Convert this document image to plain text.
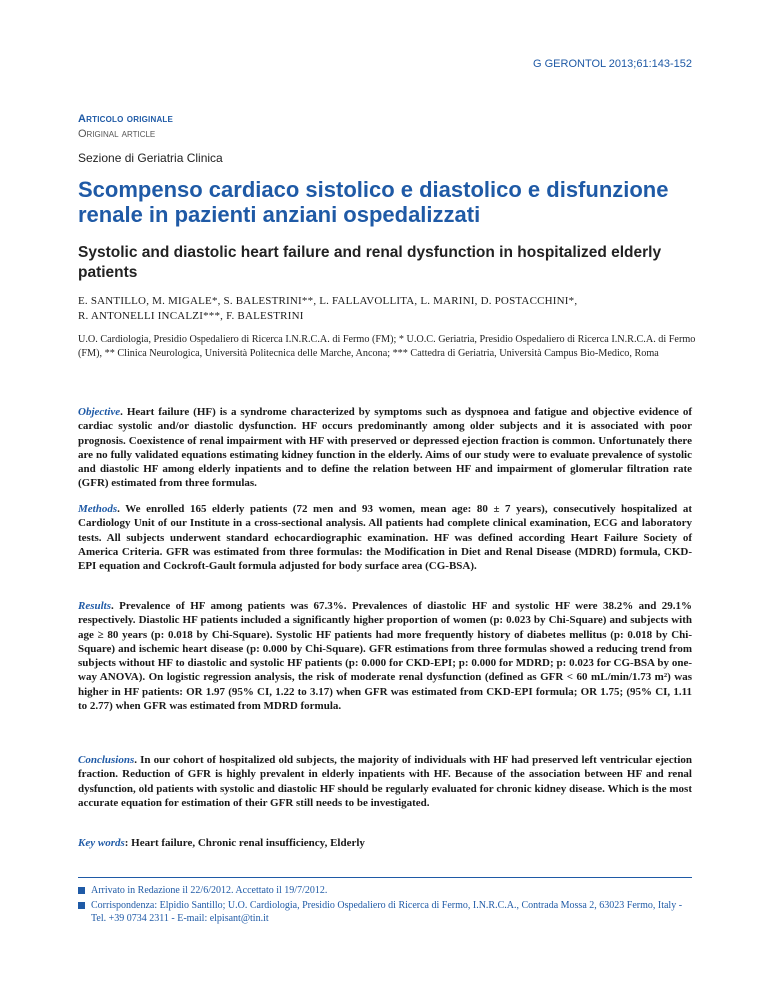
G GERONTOL 2013;61:143-152
Articolo originale
Original article
Sezione di Geriatria Clinica
Scompenso cardiaco sistolico e diastolico e disfunzione renale in pazienti anziani ospedalizzati
Systolic and diastolic heart failure and renal dysfunction in hospitalized elderly patients
E. SANTILLO, M. MIGALE*, S. BALESTRINI**, L. FALLAVOLLITA, L. MARINI, D. POSTACCHINI*,
R. ANTONELLI INCALZI***, F. BALESTRINI
U.O. Cardiologia, Presidio Ospedaliero di Ricerca I.N.R.C.A. di Fermo (FM); * U.O.C. Geriatria, Presidio Ospedaliero di Ricerca I.N.R.C.A. di Fermo (FM), ** Clinica Neurologica, Università Politecnica delle Marche, Ancona; *** Cattedra di Geriatria, Università Campus Bio-Medico, Roma
Objective. Heart failure (HF) is a syndrome characterized by symptoms such as dyspnoea and fatigue and objective evidence of cardiac systolic and/or diastolic dysfunction. HF occurs predominantly among older subjects and it is associated with poor prognosis. Coexistence of renal impairment with HF with preserved or depressed ejection fraction is common. Unfortunately there are no fully validated equations estimating kidney function in the elderly. Aims of our study were to evaluate prevalence of systolic and diastolic HF among elderly inpatients and to define the relation between HF and impairment of glomerular filtration rate (GFR) estimated from three formulas.
Methods. We enrolled 165 elderly patients (72 men and 93 women, mean age: 80 ± 7 years), consecutively hospitalized at Cardiology Unit of our Institute in a cross-sectional analysis. All patients had complete clinical examination, ECG and laboratory tests. All subjects underwent standard echocardiographic examination. HF was defined according Heart Failure Society of America Criteria. GFR was estimated from three formulas: the Modification in Diet and Renal Disease (MDRD) formula, CKD-EPI equation and Cockroft-Gault formula adjusted for body surface area (CG-BSA).
Results. Prevalence of HF among patients was 67.3%. Prevalences of diastolic HF and systolic HF were 38.2% and 29.1% respectively. Diastolic HF patients included a significantly higher proportion of women (p: 0.023 by Chi-Square) and subjects with age ≥ 80 years (p: 0.018 by Chi-Square). Systolic HF patients had more frequently history of diabetes mellitus (p: 0.018 by Chi-Square) and ischemic heart disease (p: 0.000 by Chi-Square). GFR estimations from three formulas showed a reducing trend from subjects without HF to diastolic and systolic HF patients (p: 0.000 for CKD-EPI; p: 0.000 for MDRD; p: 0.023 for CG-BSA by one-way ANOVA). On logistic regression analysis, the risk of moderate renal dysfunction (defined as GFR < 60 mL/min/1.73 m²) was higher in HF patients: OR 1.97 (95% CI, 1.22 to 3.17) when GFR was estimated from CKD-EPI formula; OR 1.75; (95% CI, 1.11 to 2.77) when GFR was estimated from MDRD formula.
Conclusions. In our cohort of hospitalized old subjects, the majority of individuals with HF had preserved left ventricular ejection fraction. Reduction of GFR is highly prevalent in elderly inpatients with HF. Because of the association between HF and renal dysfunction, old patients with systolic and diastolic HF should be regularly evaluated for chronic kidney disease. Which is the most accurate equation for estimation of their GFR still needs to be investigated.
Key words: Heart failure, Chronic renal insufficiency, Elderly
Arrivato in Redazione il 22/6/2012. Accettato il 19/7/2012.
Corrispondenza: Elpidio Santillo; U.O. Cardiologia, Presidio Ospedaliero di Ricerca di Fermo, I.N.R.C.A., Contrada Mossa 2, 63023 Fermo, Italy - Tel. +39 0734 2311 - E-mail: elpisant@tin.it
